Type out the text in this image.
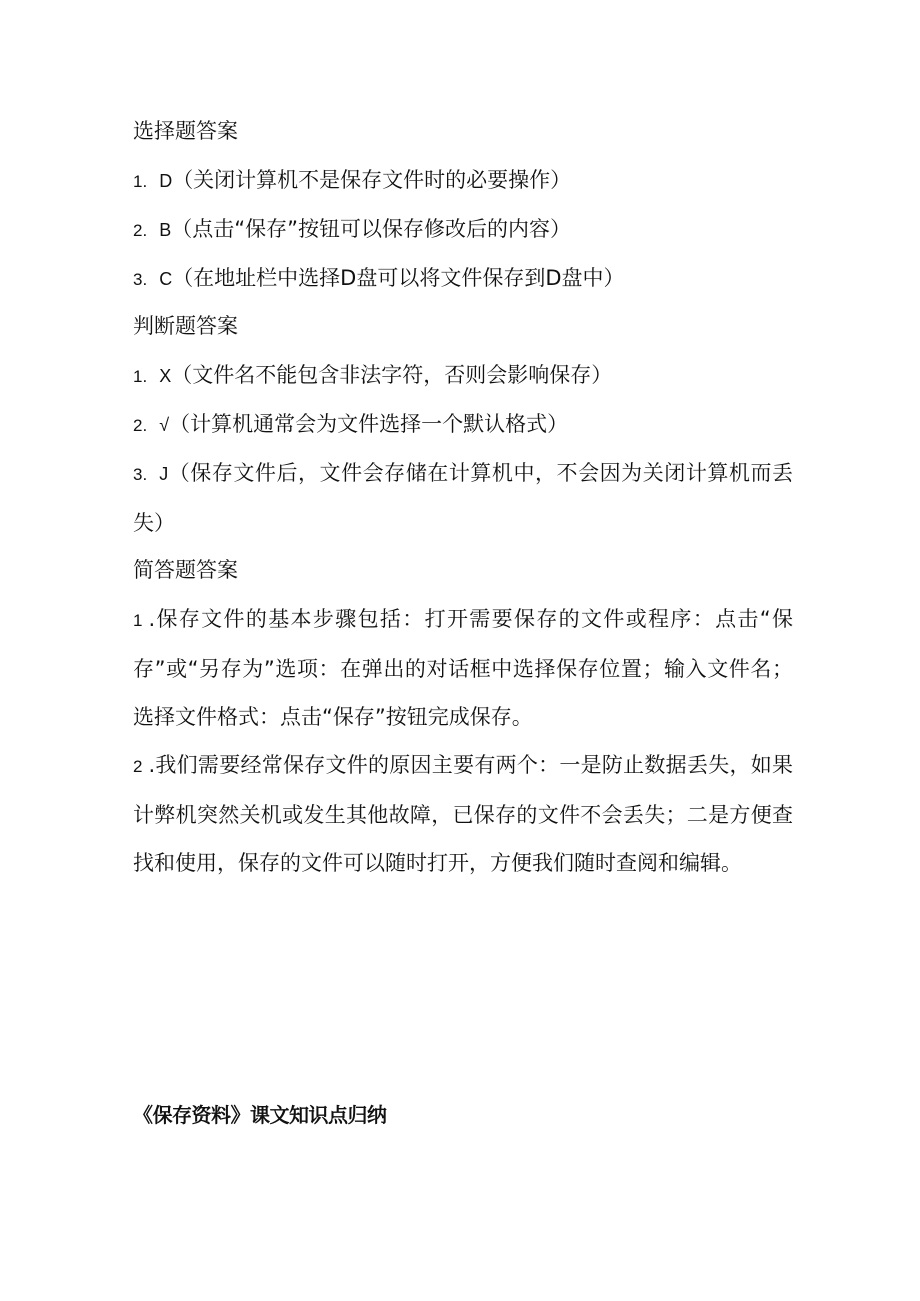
选择题答案
1. D（关闭计算机不是保存文件时的必要操作）
2. B（点击“保存”按钮可以保存修改后的内容）
3. C（在地址栏中选择D盘可以将文件保存到D盘中）
判断题答案
1. X（文件名不能包含非法字符，否则会影响保存）
2. √（计算机通常会为文件选择一个默认格式）
3. J（保存文件后，文件会存储在计算机中，不会因为关闭计算机而丢失）
简答题答案
1 .保存文件的基本步骤包括：打开需要保存的文件或程序：点击“保存”或“另存为”选项：在弹出的对话框中选择保存位置；输入文件名；选择文件格式：点击“保存”按钮完成保存。
2 .我们需要经常保存文件的原因主要有两个：一是防止数据丢失，如果计弊机突然关机或发生其他故障，已保存的文件不会丢失；二是方便查找和使用，保存的文件可以随时打开，方便我们随时查阅和编辑。
《保存资料》课文知识点归纳
